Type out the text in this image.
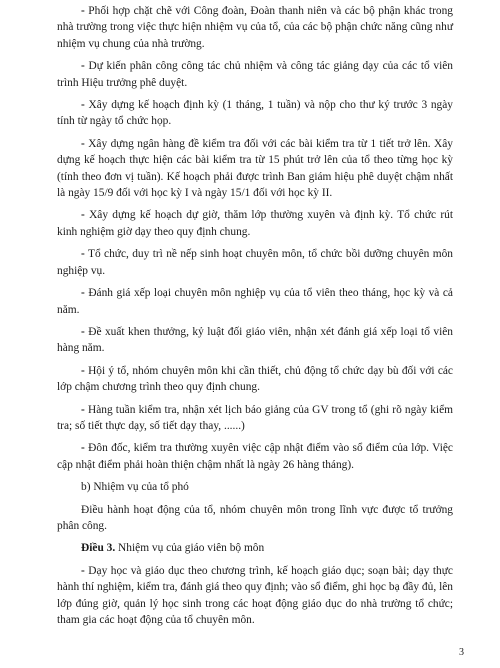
- Phối hợp chặt chẽ với Công đoàn, Đoàn thanh niên và các bộ phận khác trong nhà trường trong việc thực hiện nhiệm vụ của tổ, của các bộ phận chức năng cũng như nhiệm vụ chung của nhà trường.

- Dự kiến phân công công tác chủ nhiệm và công tác giảng dạy của các tổ viên trình Hiệu trưởng phê duyệt.

- Xây dựng kế hoạch định kỳ (1 tháng, 1 tuần) và nộp cho thư ký trước 3 ngày tính từ ngày tổ chức họp.

- Xây dựng ngân hàng đề kiểm tra đối với các bài kiểm tra từ 1 tiết trở lên. Xây dựng kế hoạch thực hiện các bài kiểm tra từ 15 phút trở lên của tổ theo từng học kỳ (tính theo đơn vị tuần). Kế hoạch phải được trình Ban giám hiệu phê duyệt chậm nhất là ngày 15/9 đối với học kỳ I và ngày 15/1 đối với học kỳ II.

- Xây dựng kế hoạch dự giờ, thăm lớp thường xuyên và định kỳ. Tổ chức rút kinh nghiệm giờ dạy theo quy định chung.

- Tổ chức, duy trì nề nếp sinh hoạt chuyên môn, tổ chức bồi dưỡng chuyên môn nghiệp vụ.

- Đánh giá xếp loại chuyên môn nghiệp vụ của tổ viên theo tháng, học kỳ và cả năm.

- Đề xuất khen thưởng, kỷ luật đối giáo viên, nhận xét đánh giá xếp loại tổ viên hàng năm.

- Hội ý tổ, nhóm chuyên môn khi cần thiết, chủ động tổ chức dạy bù đối với các lớp chậm chương trình theo quy định chung.

- Hàng tuần kiểm tra, nhận xét lịch báo giảng của GV trong tổ (ghi rõ ngày kiểm tra; số tiết thực dạy, số tiết dạy thay, ......)

- Đôn đốc, kiểm tra thường xuyên việc cập nhật điểm vào sổ điểm của lớp. Việc cập nhật điểm phải hoàn thiện chậm nhất là ngày 26 hàng tháng).

b) Nhiệm vụ của tổ phó

Điều hành hoạt động của tổ, nhóm chuyên môn trong lĩnh vực được tổ trưởng phân công.

Điều 3. Nhiệm vụ của giáo viên bộ môn

- Dạy học và giáo dục theo chương trình, kế hoạch giáo dục; soạn bài; dạy thực hành thí nghiệm, kiểm tra, đánh giá theo quy định; vào sổ điểm, ghi học bạ đầy đủ, lên lớp đúng giờ, quản lý học sinh trong các hoạt động giáo dục do nhà trường tổ chức; tham gia các hoạt động của tổ chuyên môn.

3
